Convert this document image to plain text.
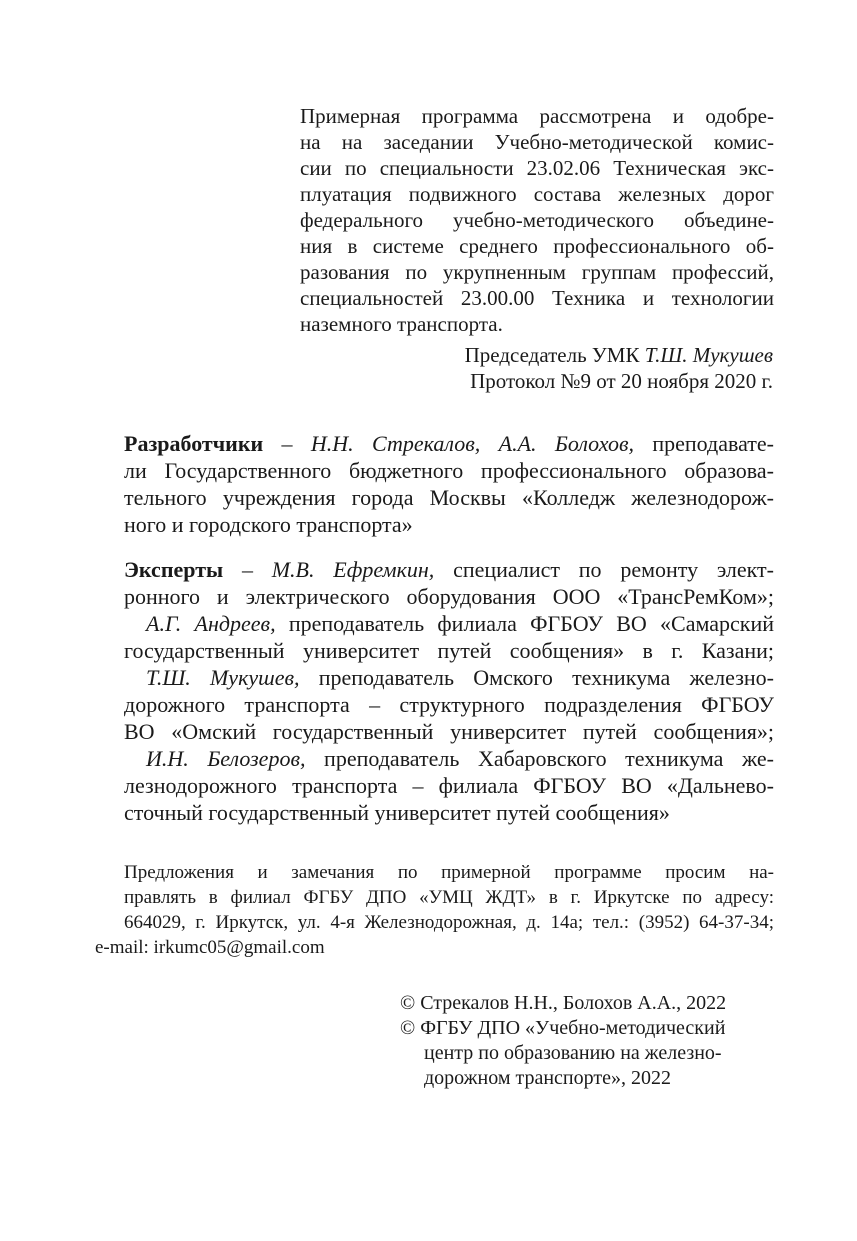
Примерная программа рассмотрена и одобре-

на на заседании Учебно-методической комис-

сии по специальности 23.02.06 Техническая экс-

плуатация подвижного состава железных дорог

федерального учебно-методического объедине-

ния в системе среднего профессионального об-

разования по укрупненным группам профессий,

специальностей 23.00.00 Техника и технологии

наземного транспорта.

Председатель УМК Т.Ш. Мукушев

Протокол №9 от 20 ноября 2020 г.

Разработчики – Н.Н. Стрекалов, А.А. Болохов, преподавате-

ли Государственного бюджетного профессионального образова-

тельного учреждения города Москвы «Колледж железнодорож-

ного и городского транспорта»

Эксперты – М.В. Ефремкин, специалист по ремонту элект-

ронного и электрического оборудования ООО «ТрансРемКом»;

А.Г. Андреев, преподаватель филиала ФГБОУ ВО «Самарский

государственный университет путей сообщения» в г. Казани;

Т.Ш. Мукушев, преподаватель Омского техникума железно-

дорожного транспорта – структурного подразделения ФГБОУ

ВО «Омский государственный университет путей сообщения»;

И.Н. Белозеров, преподаватель Хабаровского техникума же-

лезнодорожного транспорта – филиала ФГБОУ ВО «Дальнево-

сточный государственный университет путей сообщения»

Предложения и замечания по примерной программе просим на-

правлять в филиал ФГБУ ДПО «УМЦ ЖДТ» в г. Иркутске по адресу:

664029, г. Иркутск, ул. 4-я Железнодорожная, д. 14а; тел.: (3952) 64-37-34;

e-mail: irkumc05@gmail.com

© Стрекалов Н.Н., Болохов А.А., 2022

© ФГБУ ДПО «Учебно-методический

центр по образованию на железно-

дорожном транспорте», 2022
